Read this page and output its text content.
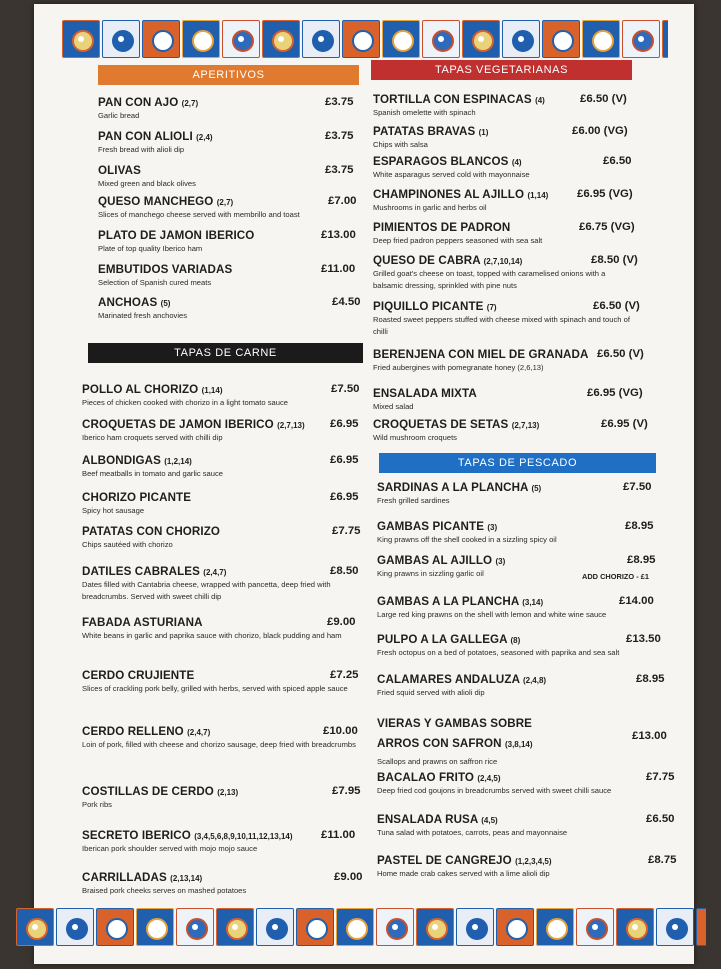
APERITIVOS	TAPAS VEGETARIANAS
TAPAS DE CARNE
TAPAS DE PESCADO
PAN CON AJO (2,7)
Garlic bread
£3.75
PAN CON ALIOLI (2,4)
Fresh bread with alioli dip
£3.75
OLIVAS
Mixed green and black olives
£3.75
QUESO MANCHEGO (2,7)
Slices of manchego cheese served with membrillo and toast
£7.00
PLATO DE JAMON IBERICO
Plate of top quality Iberico ham
£13.00
EMBUTIDOS VARIADAS
Selection of Spanish cured meats
£11.00
ANCHOAS (5)
Marinated fresh anchovies
£4.50
POLLO AL CHORIZO (1,14)
Pieces of chicken cooked with chorizo in a light tomato sauce
£7.50
CROQUETAS DE JAMON IBERICO (2,7,13)
Iberico ham croquets served with chilli dip
£6.95
ALBONDIGAS (1,2,14)
Beef meatballs in tomato and garlic sauce
£6.95
CHORIZO PICANTE
Spicy hot sausage
£6.95
PATATAS CON CHORIZO
Chips sautéed with chorizo
£7.75
DATILES CABRALES (2,4,7)
Dates filled with Cantabria cheese, wrapped with pancetta, deep fried with breadcrumbs. Served with sweet chilli dip
£8.50
FABADA ASTURIANA
White beans in garlic and paprika sauce with chorizo, black pudding and ham
£9.00
CERDO CRUJIENTE
Slices of crackling pork belly, grilled with herbs, served with spiced apple sauce
£7.25
CERDO RELLENO (2,4,7)
Loin of pork, filled with cheese and chorizo sausage, deep fried with breadcrumbs
£10.00
COSTILLAS DE CERDO (2,13)
Pork ribs
£7.95
SECRETO IBERICO (3,4,5,6,8,9,10,11,12,13,14)
Iberican pork shoulder served with mojo mojo sauce
£11.00
CARRILLADAS (2,13,14)
Braised pork cheeks serves on mashed potatoes
£9.00
TORTILLA CON ESPINACAS (4)
Spanish omelette with spinach
£6.50 (V)
PATATAS BRAVAS (1)
Chips with salsa
£6.00 (VG)
ESPARAGOS BLANCOS (4)
White asparagus served cold with mayonnaise
£6.50
CHAMPINONES AL AJILLO (1,14)
Mushrooms in garlic and herbs oil
£6.95 (VG)
PIMIENTOS DE PADRON
Deep fried padron peppers seasoned with sea salt
£6.75 (VG)
QUESO DE CABRA (2,7,10,14)
Grilled goat's cheese on toast, topped with caramelised onions with a balsamic dressing, sprinkled with pine nuts
£8.50 (V)
PIQUILLO PICANTE (7)
Roasted sweet peppers stuffed with cheese mixed with spinach and touch of chilli
£6.50 (V)
BERENJENA CON MIEL DE GRANADA
Fried aubergines with pomegranate honey (2,6,13)
£6.50 (V)
ENSALADA MIXTA
Mixed salad
£6.95 (VG)
CROQUETAS DE SETAS (2,7,13)
Wild mushroom croquets
£6.95 (V)
SARDINAS A LA PLANCHA (5)
Fresh grilled sardines
£7.50
GAMBAS PICANTE (3)
King prawns off the shell cooked in a sizzling spicy oil
£8.95
GAMBAS AL AJILLO (3)
King prawns in sizzling garlic oil
£8.95
ADD CHORIZO - £1
GAMBAS A LA PLANCHA (3,14)
Large red king prawns on the shell with lemon and white wine sauce
£14.00
PULPO A LA GALLEGA (8)
Fresh octopus on a bed of potatoes, seasoned with paprika and sea salt
£13.50
CALAMARES ANDALUZA (2,4,8)
Fried squid served with alioli dip
£8.95
VIERAS Y GAMBAS SOBRE ARROS CON SAFRON (3,8,14)
Scallops and prawns on saffron rice
£13.00
BACALAO FRITO (2,4,5)
Deep fried cod goujons in breadcrumbs served with sweet chilli sauce
£7.75
ENSALADA RUSA (4,5)
Tuna salad with potatoes, carrots, peas and mayonnaise
£6.50
PASTEL DE CANGREJO (1,2,3,4,5)
Home made crab cakes served with a lime alioli dip
£8.75
